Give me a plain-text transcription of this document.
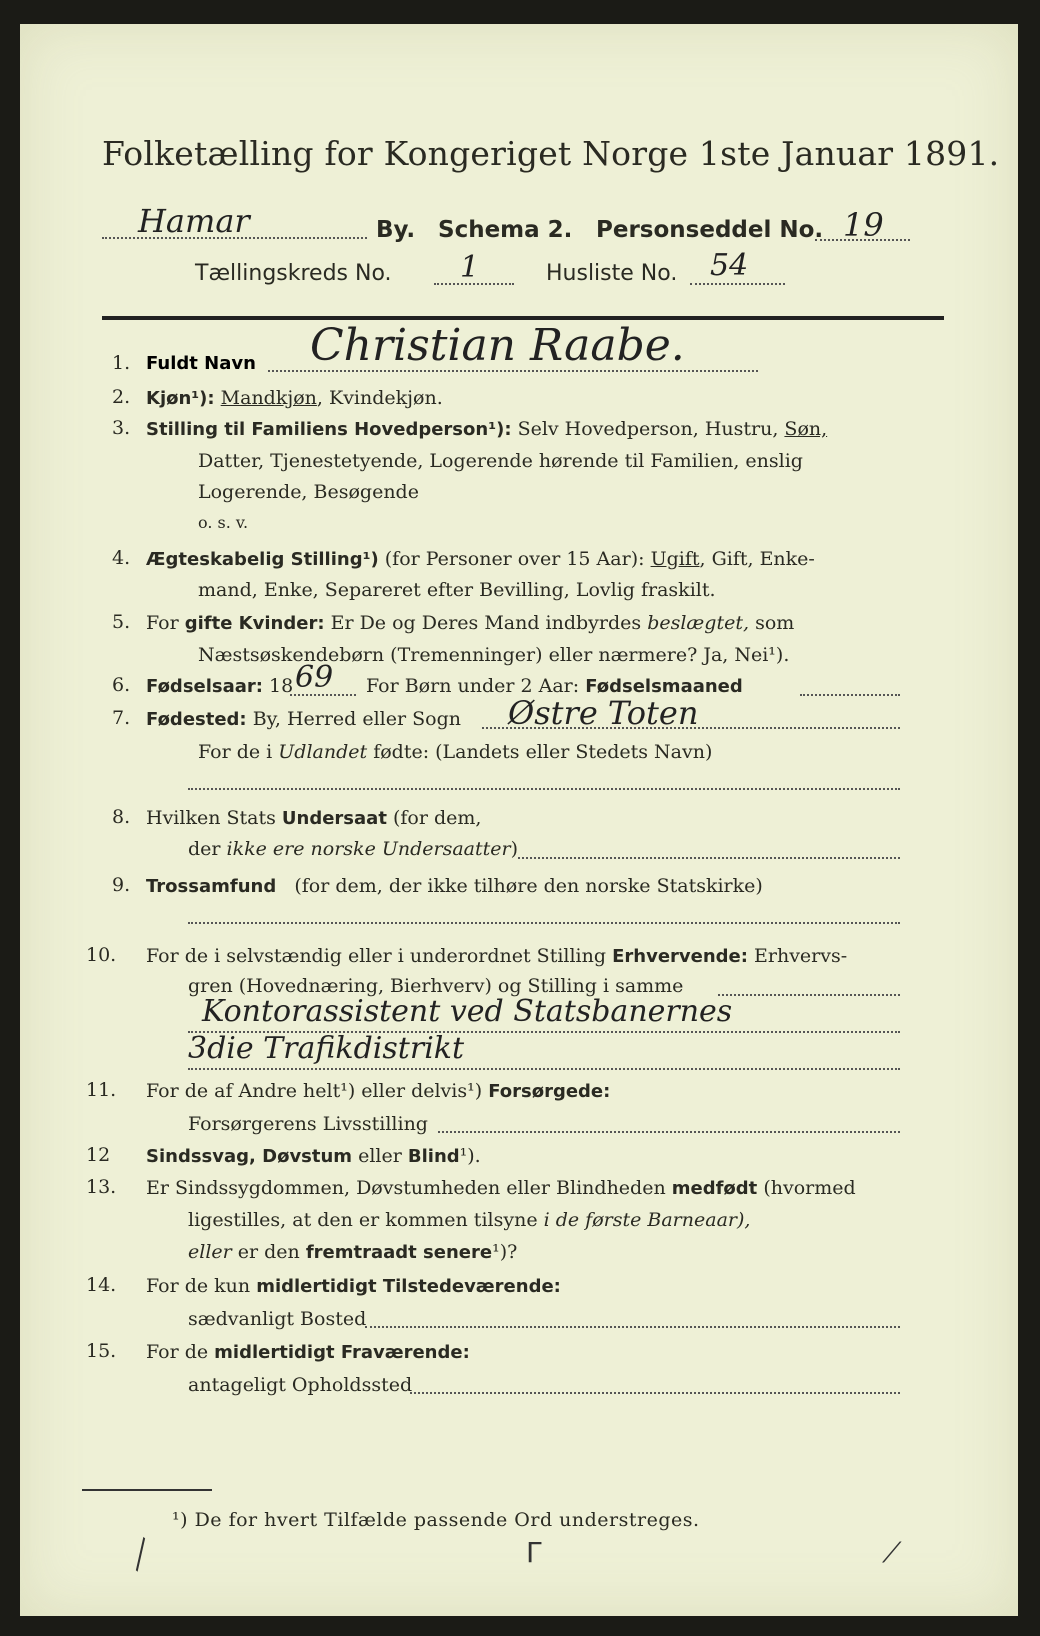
Folketælling for Kongeriget Norge 1ste Januar 1891.
Hamar	By. Schema 2. Personseddel No. 19
Tællingskreds No. 1	Husliste No. 54
1. Fuldt Navn Christian Raabe.
2. Kjøn¹): Mandkjøn, Kvindekjøn.
3. Stilling til Familiens Hovedperson¹): Selv Hovedperson, Hustru, Søn,
Datter, Tjenestetyende, Logerende hørende til Familien, enslig
Logerende, Besøgende
o. s. v.
4. Ægteskabelig Stilling¹) (for Personer over 15 Aar): Ugift, Gift, Enke-
mand, Enke, Separeret efter Bevilling, Lovlig fraskilt.
5. For gifte Kvinder: Er De og Deres Mand indbyrdes beslægtet, som
Næstsøskendebørn (Tremenninger) eller nærmere? Ja, Nei¹).
6. Fødselsaar: 18 69 For Børn under 2 Aar: Fødselsmaaned
7. Fødested: By, Herred eller Sogn Østre Toten
For de i Udlandet fødte: (Landets eller Stedets Navn)
8. Hvilken Stats Undersaat (for dem,
der ikke ere norske Undersaatter)
9. Trossamfund (for dem, der ikke tilhøre den norske Statskirke)
10. For de i selvstændig eller i underordnet Stilling Erhvervende: Erhvervs-
gren (Hovednæring, Bierhverv) og Stilling i samme
Kontorassistent ved Statsbanernes
3die Trafikdistrikt
11. For de af Andre helt¹) eller delvis¹) Forsørgede:
Forsørgerens Livsstilling
12 Sindssvag, Døvstum eller Blind¹).
13. Er Sindssygdommen, Døvstumheden eller Blindheden medfødt (hvormed
ligestilles, at den er kommen tilsyne i de første Barneaar),
eller er den fremtraadt senere¹)?
14. For de kun midlertidigt Tilstedeværende:
sædvanligt Bosted
15. For de midlertidigt Fraværende:
antageligt Opholdssted
¹) De for hvert Tilfælde passende Ord understreges.
╲	Γ	⟋
